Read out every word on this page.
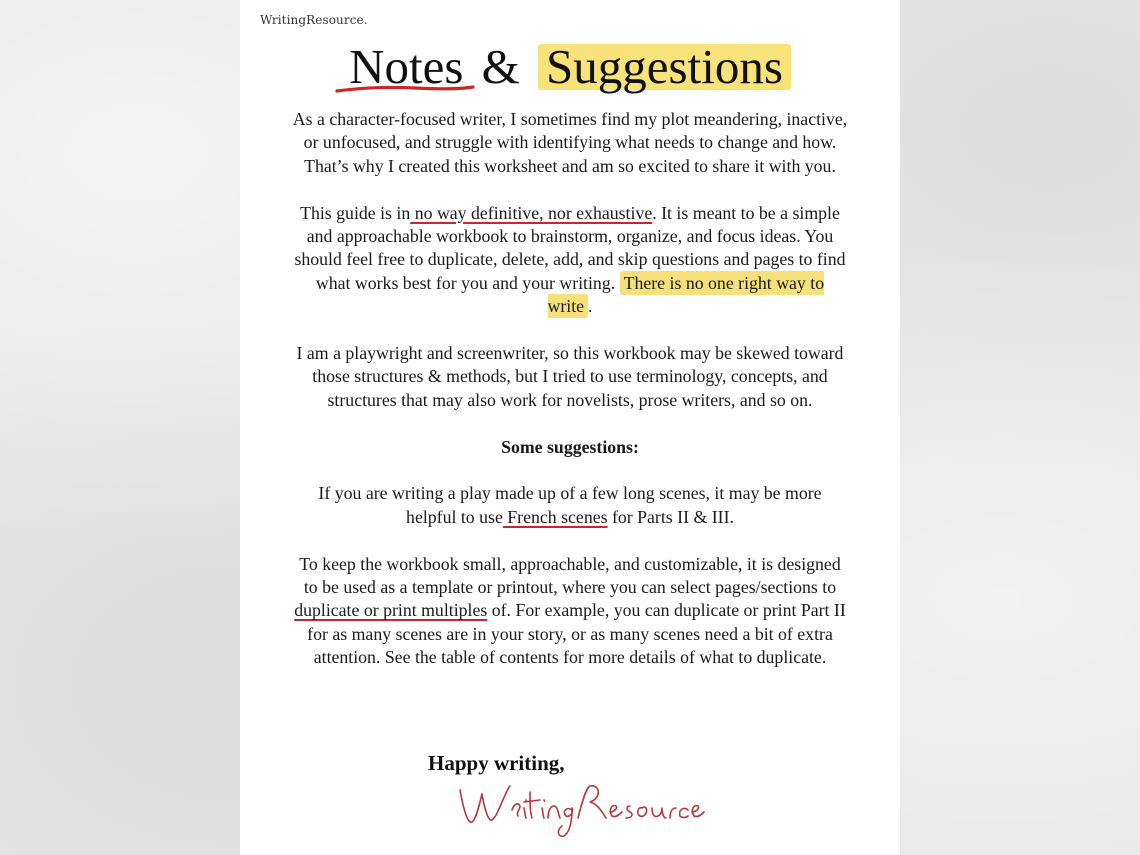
WritingResource.
Notes & Suggestions

As a character-focused writer, I sometimes find my plot meandering, inactive, or unfocused, and struggle with identifying what needs to change and how. That’s why I created this worksheet and am so excited to share it with you.

This guide is in no way definitive, nor exhaustive. It is meant to be a simple and approachable workbook to brainstorm, organize, and focus ideas. You should feel free to duplicate, delete, add, and skip questions and pages to find what works best for you and your writing. There is no one right way to write .

I am a playwright and screenwriter, so this workbook may be skewed toward those structures & methods, but I tried to use terminology, concepts, and structures that may also work for novelists, prose writers, and so on.

Some suggestions:

If you are writing a play made up of a few long scenes, it may be more helpful to use French scenes for Parts II & III.

To keep the workbook small, approachable, and customizable, it is designed to be used as a template or printout, where you can select pages/sections to duplicate or print multiples of. For example, you can duplicate or print Part II for as many scenes are in your story, or as many scenes need a bit of extra attention. See the table of contents for more details of what to duplicate.

Happy writing,
